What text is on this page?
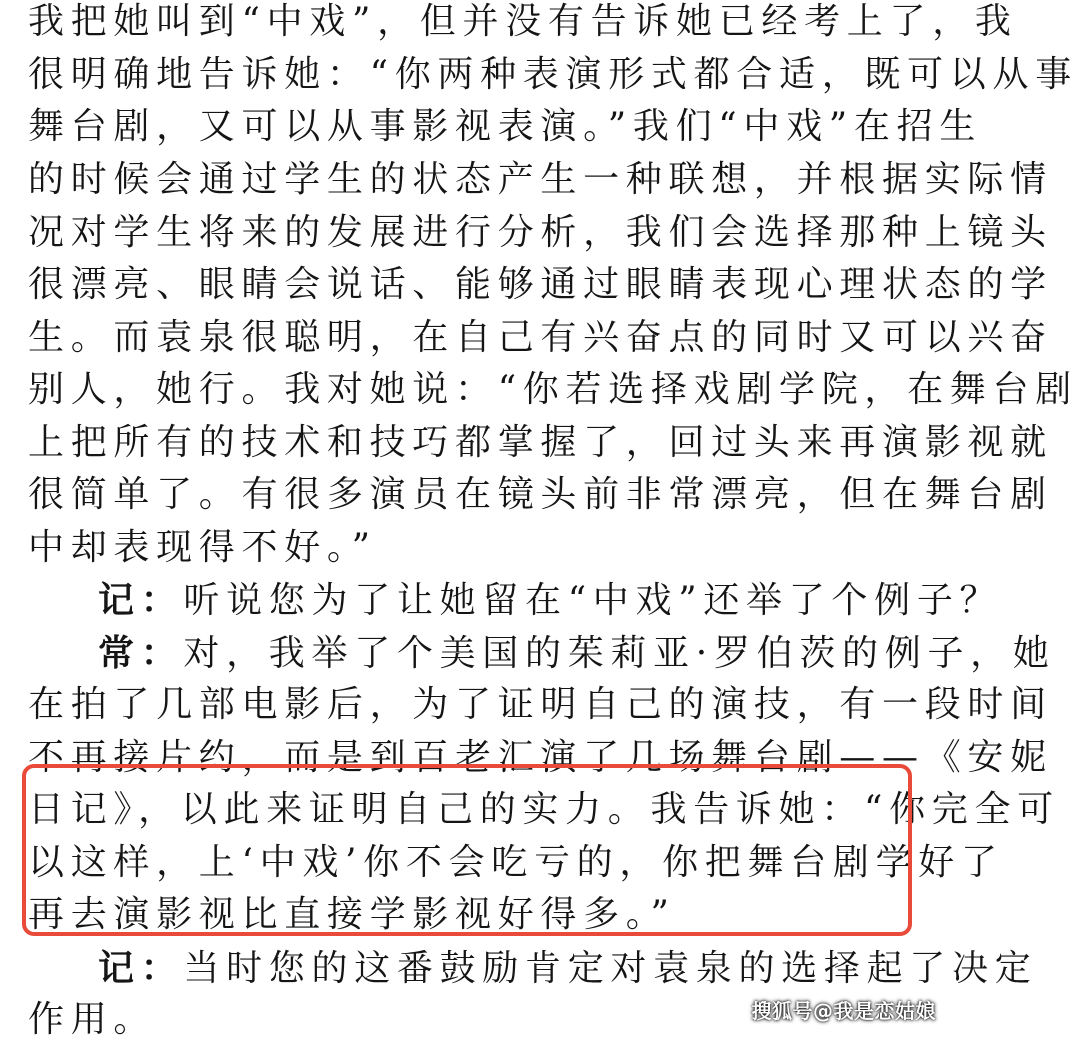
我把她叫到“中戏”，但并没有告诉她已经考上了，我
很明确地告诉她：“你两种表演形式都合适，既可以从事
舞台剧，又可以从事影视表演。”我们“中戏”在招生
的时候会通过学生的状态产生一种联想，并根据实际情
况对学生将来的发展进行分析，我们会选择那种上镜头
很漂亮、眼睛会说话、能够通过眼睛表现心理状态的学
生。而袁泉很聪明，在自己有兴奋点的同时又可以兴奋
别人，她行。我对她说：“你若选择戏剧学院，在舞台剧
上把所有的技术和技巧都掌握了，回过头来再演影视就
很简单了。有很多演员在镜头前非常漂亮，但在舞台剧
中却表现得不好。”
记：听说您为了让她留在“中戏”还举了个例子？
常：对，我举了个美国的茱莉亚·罗伯茨的例子，她
在拍了几部电影后，为了证明自己的演技，有一段时间
不再接片约，而是到百老汇演了几场舞台剧——《安妮
日记》，以此来证明自己的实力。我告诉她：“你完全可
以这样，上‘中戏’你不会吃亏的，你把舞台剧学好了
再去演影视比直接学影视好得多。”
记：当时您的这番鼓励肯定对袁泉的选择起了决定
作用。	搜狐号@我是恋姑娘
